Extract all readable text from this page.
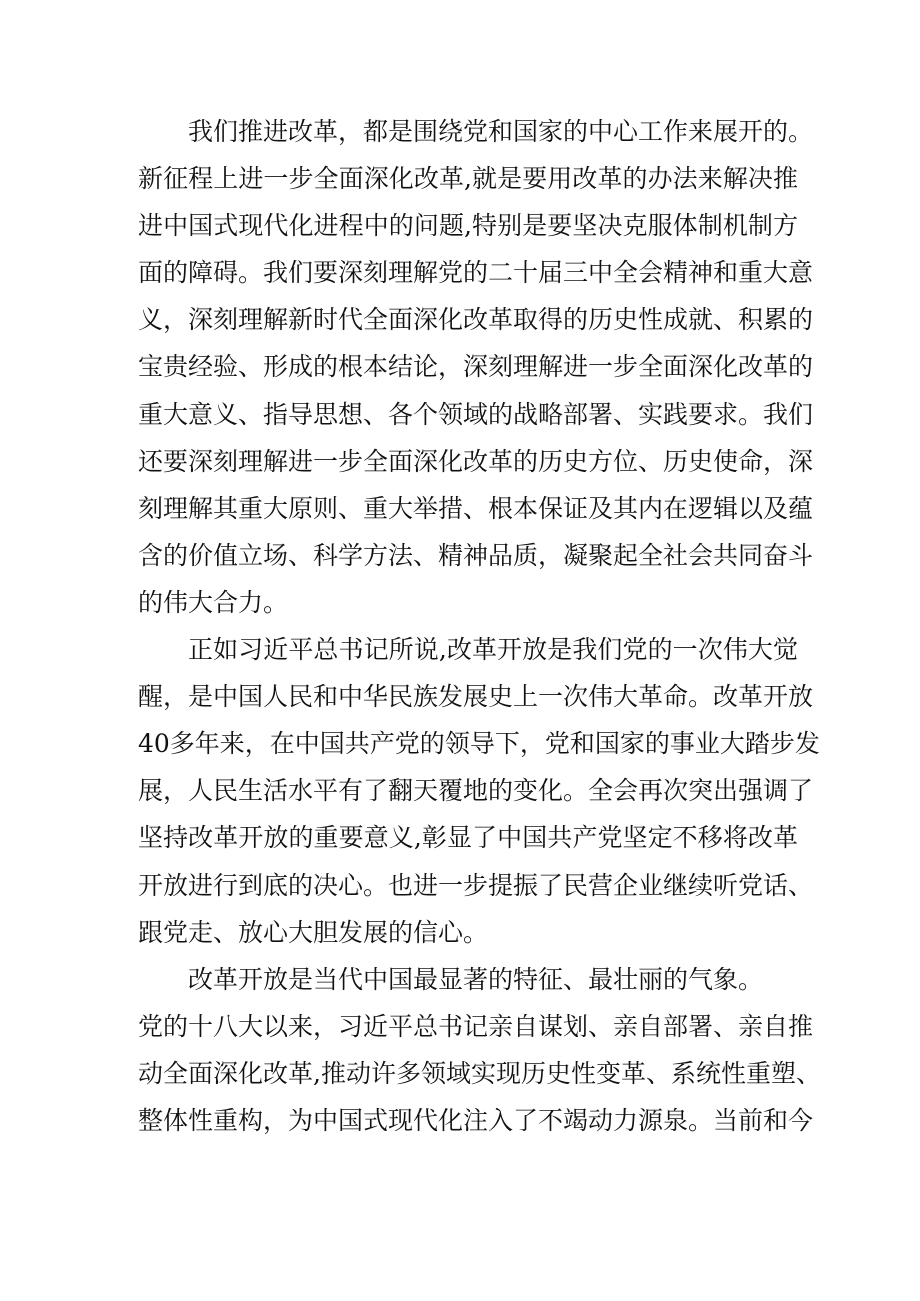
我们推进改革，都是围绕党和国家的中心工作来展开的。
新征程上进一步全面深化改革,就是要用改革的办法来解决推
进中国式现代化进程中的问题,特别是要坚决克服体制机制方
面的障碍。我们要深刻理解党的二十届三中全会精神和重大意
义，深刻理解新时代全面深化改革取得的历史性成就、积累的
宝贵经验、形成的根本结论，深刻理解进一步全面深化改革的
重大意义、指导思想、各个领域的战略部署、实践要求。我们
还要深刻理解进一步全面深化改革的历史方位、历史使命，深
刻理解其重大原则、重大举措、根本保证及其内在逻辑以及蕴
含的价值立场、科学方法、精神品质，凝聚起全社会共同奋斗
的伟大合力。
正如习近平总书记所说,改革开放是我们党的一次伟大觉
醒，是中国人民和中华民族发展史上一次伟大革命。改革开放
40多年来，在中国共产党的领导下，党和国家的事业大踏步发
展，人民生活水平有了翻天覆地的变化。全会再次突出强调了
坚持改革开放的重要意义,彰显了中国共产党坚定不移将改革
开放进行到底的决心。也进一步提振了民营企业继续听党话、
跟党走、放心大胆发展的信心。
改革开放是当代中国最显著的特征、最壮丽的气象。
党的十八大以来，习近平总书记亲自谋划、亲自部署、亲自推
动全面深化改革,推动许多领域实现历史性变革、系统性重塑、
整体性重构，为中国式现代化注入了不竭动力源泉。当前和今
